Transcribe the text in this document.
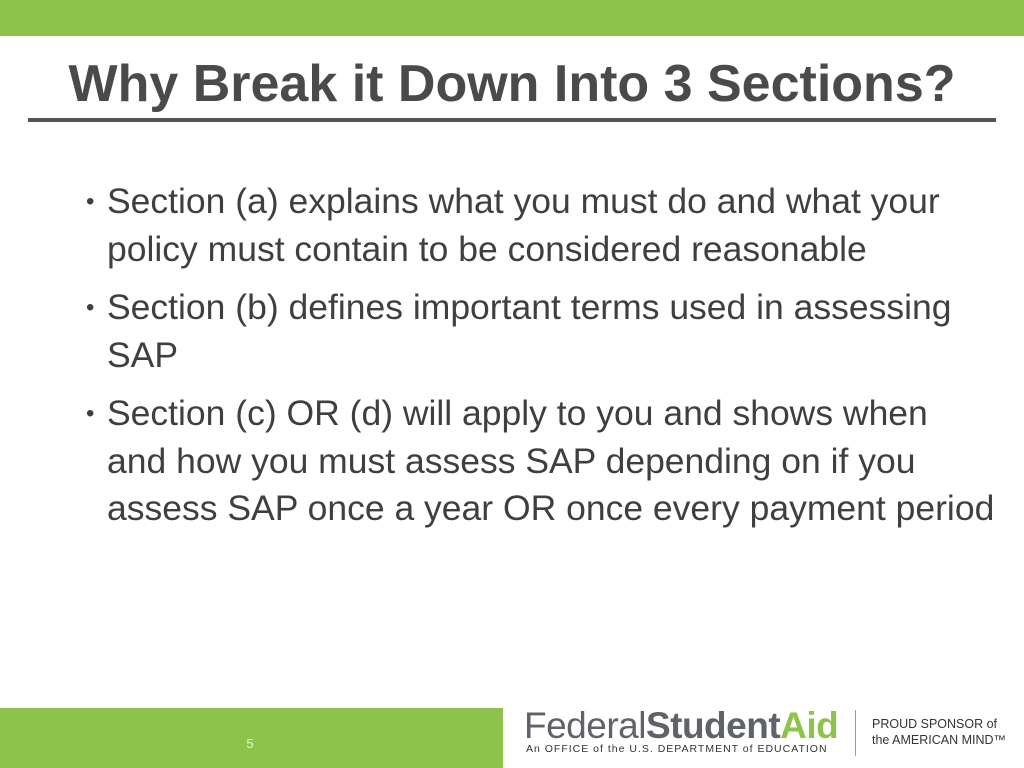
Why Break it Down Into 3 Sections?
• Section (a) explains what you must do and what your policy must contain to be considered reasonable
• Section (b) defines important terms used in assessing SAP
• Section (c) OR (d) will apply to you and shows when and how you must assess SAP depending on if you assess SAP once a year OR once every payment period
5	FederalStudentAid
An OFFICE of the U.S. DEPARTMENT of EDUCATION
PROUD SPONSOR of
the AMERICAN MIND™
